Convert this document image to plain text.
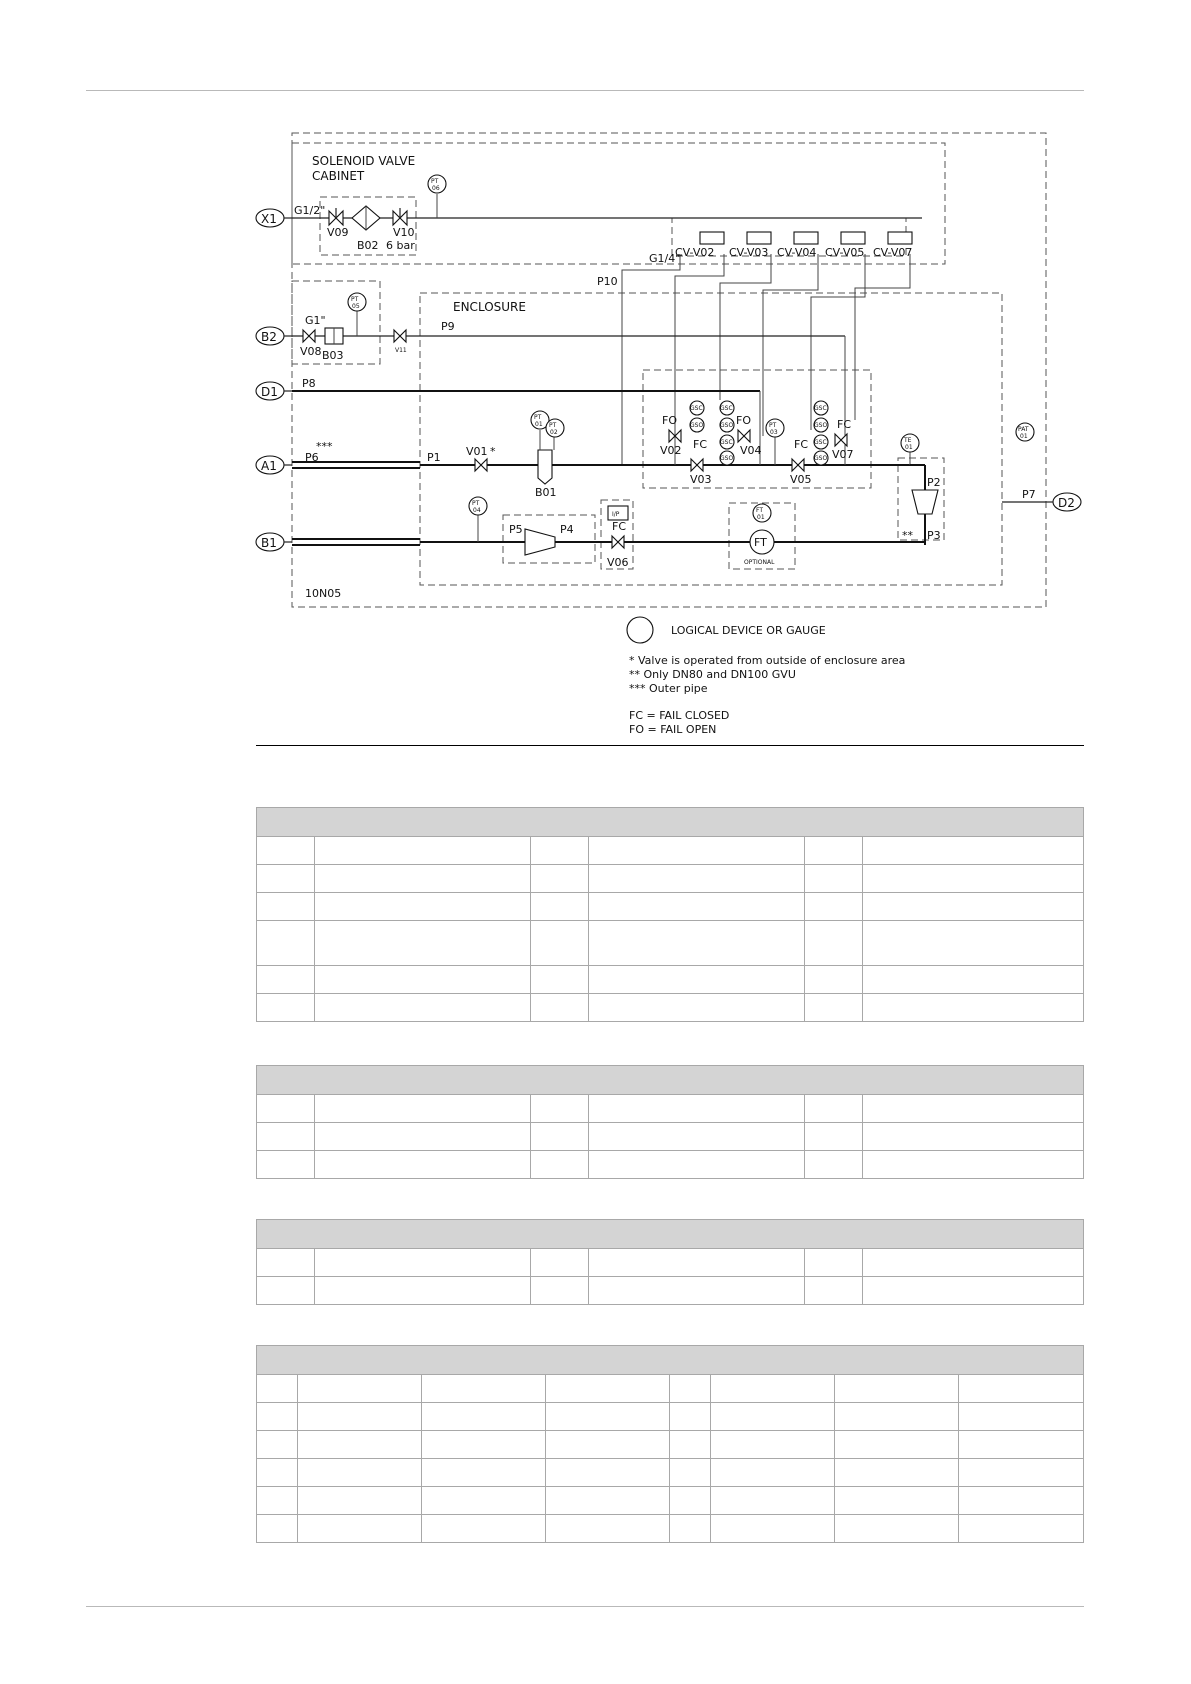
SOLENOID VALVE
CABINET
ENCLOSURE
10N05
X1
B2
D1
A1
B1
D2
G1/2"
V09
B02
V10
6 bar
PT
06
CV-V02 CV-V03 CV-V04 CV-V05 CV-V07
G1/4"
P10
G1"	P9
V08 B03
PT
05
V11
P8
P6
***
P1 V01 *
B01
PT
01 PT
02
FO
V02 FC
V03
FO
V04
PT
03
FC
V05
FC
V07
GSC
GSO
GSC
GSO
GSC
GSO
GSC
GSO
GSC
GSO
TE
01
P2
P3
**
PAT
01
P7
PT
04
P5	P4
I/P
FC
V06
FT
FT
01
OPTIONAL
LOGICAL DEVICE OR GAUGE
* Valve is operated from outside of enclosure area
** Only DN80 and DN100 GVU
*** Outer pipe
FC = FAIL CLOSED
FO = FAIL OPEN
